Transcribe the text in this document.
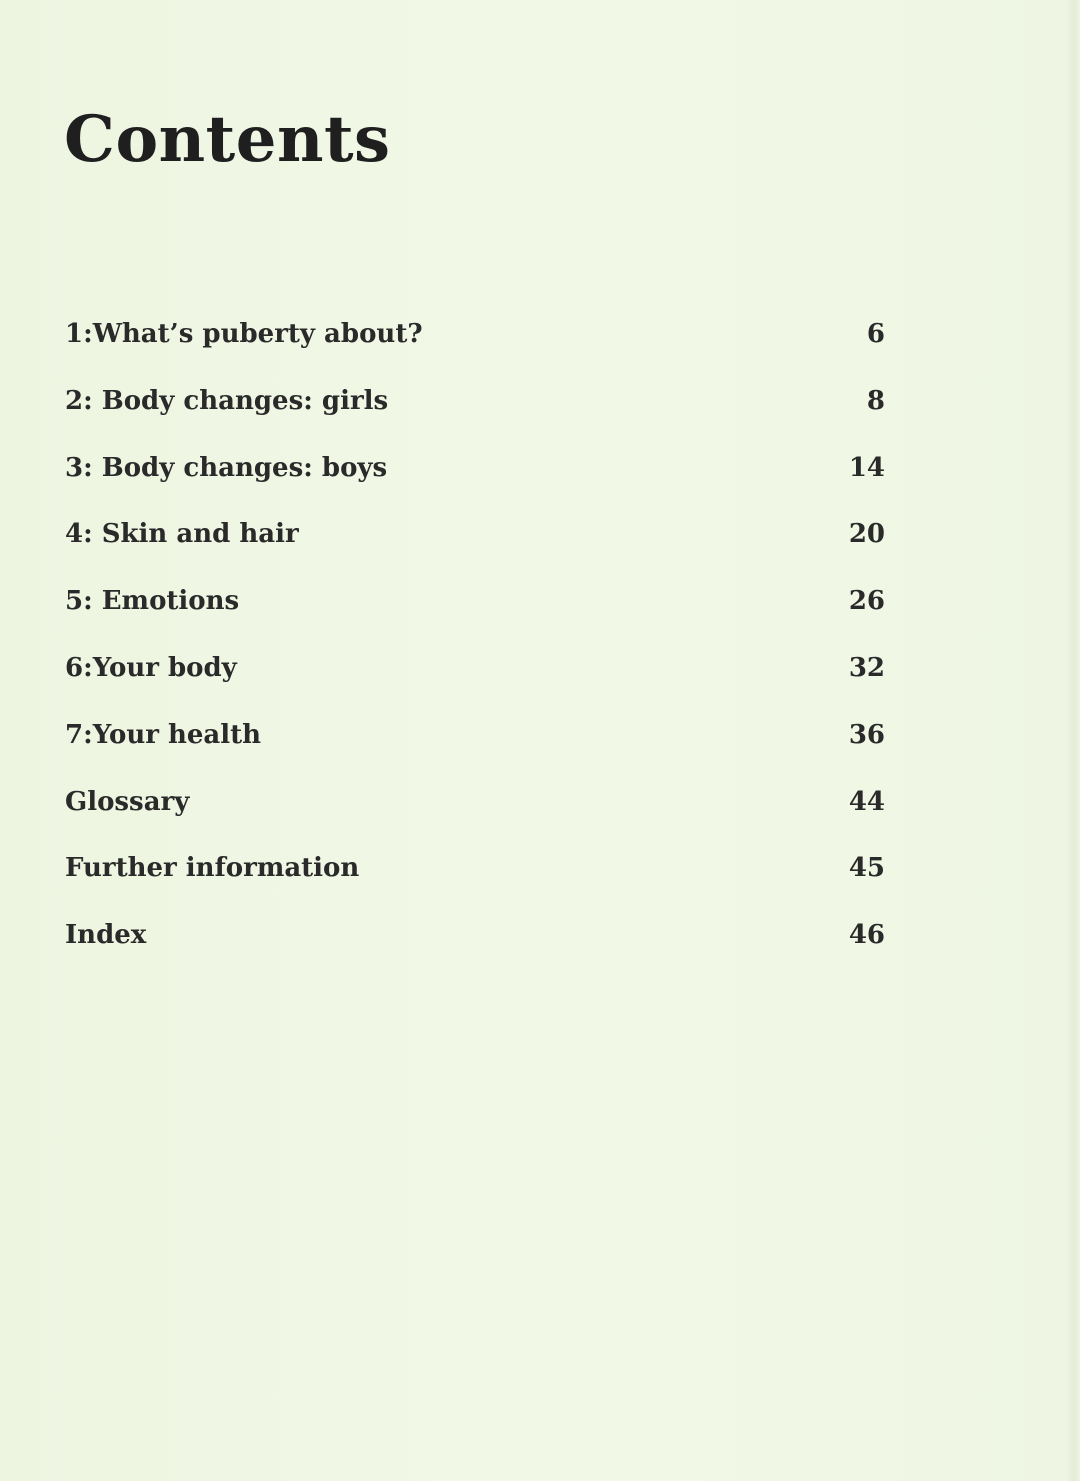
Contents
1:What’s puberty about?	6
2: Body changes: girls	8
3: Body changes: boys	14
4: Skin and hair	20
5: Emotions	26
6:Your body	32
7:Your health	36
Glossary	44
Further information	45
Index	46
